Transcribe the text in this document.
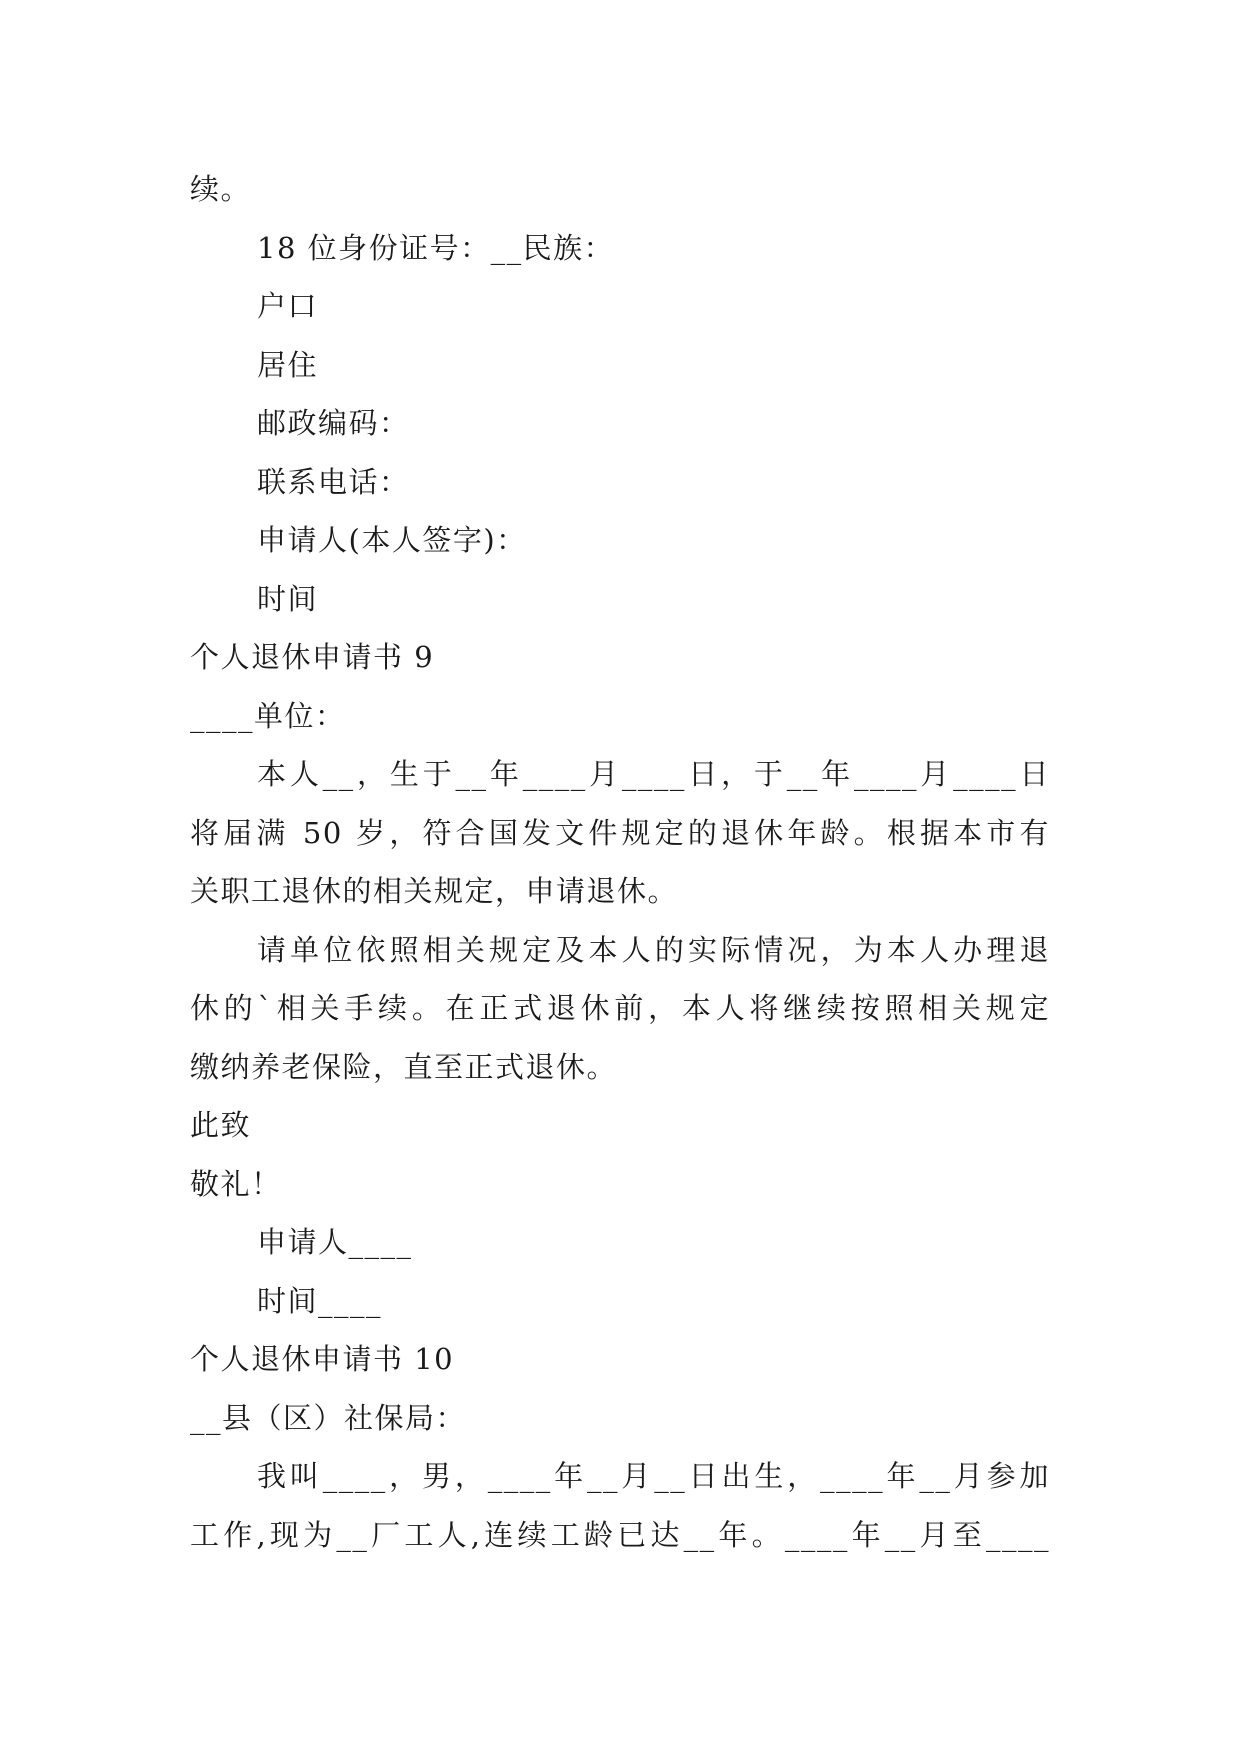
续。
18 位身份证号：__民族：
户口
居住
邮政编码：
联系电话：
申请人(本人签字)：
时间
个人退休申请书 9
____单位：
本人__，生于__年____月____日，于__年____月____日
将届满 50 岁，符合国发文件规定的退休年龄。根据本市有
关职工退休的相关规定，申请退休。
请单位依照相关规定及本人的实际情况，为本人办理退
休的`相关手续。在正式退休前，本人将继续按照相关规定
缴纳养老保险，直至正式退休。
此致
敬礼！
申请人____
时间____
个人退休申请书 10
__县（区）社保局：
我叫____，男，____年__月__日出生，____年__月参加
工作,现为__厂工人,连续工龄已达__年。____年__月至____
